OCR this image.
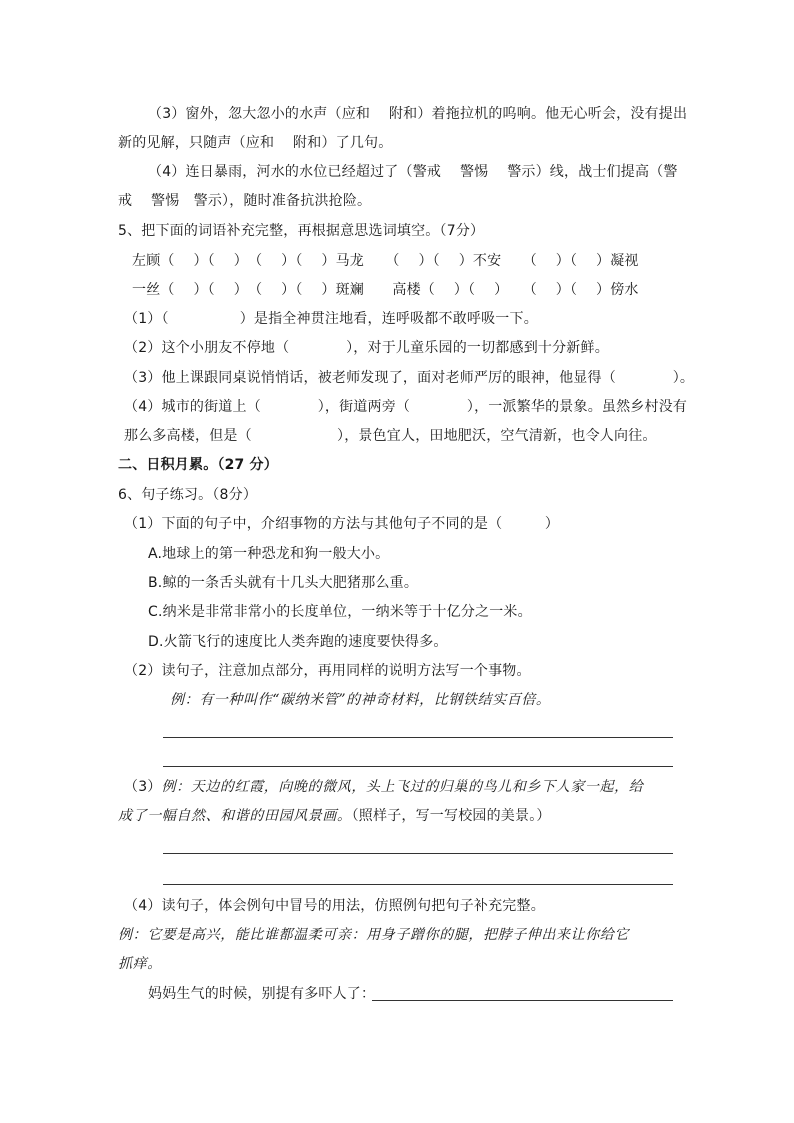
（3）窗外，忽大忽小的水声（应和　 附和）着拖拉机的呜响。他无心听会，没有提出
新的见解，只随声（应和　 附和）了几句。
（4）连日暴雨，河水的水位已经超过了（警戒　 警惕　 警示）线，战士们提高（警
戒　 警惕　警示），随时准备抗洪抢险。
5、把下面的词语补充完整，再根据意思选词填空。（7分）
左顾（　 ）（　 ）　（　 ）（　 ）马龙　　（　 ）（　 ）不安　　（　 ）（　 ）凝视
一丝（　 ）（　 ）　（　 ）（　 ）斑斓　　高楼（　 ）（　 ）　　（　 ）（　 ）傍水
（1）（　　　　　）是指全神贯注地看，连呼吸都不敢呼吸一下。
（2）这个小朋友不停地（　　　　），对于儿童乐园的一切都感到十分新鲜。
（3）他上课跟同桌说悄悄话，被老师发现了，面对老师严厉的眼神，他显得（　　　　）。
（4）城市的街道上（　　　　），街道两旁（　　　　），一派繁华的景象。虽然乡村没有
那么多高楼，但是（　　　　　　），景色宜人，田地肥沃，空气清新，也令人向往。
二、日积月累。（27 分）
6、句子练习。（8分）
（1）下面的句子中，介绍事物的方法与其他句子不同的是（　　　）
A.地球上的第一种恐龙和狗一般大小。
B.鲸的一条舌头就有十几头大肥猪那么重。
C.纳米是非常非常小的长度单位，一纳米等于十亿分之一米。
D.火箭飞行的速度比人类奔跑的速度要快得多。
（2）读句子，注意加点部分，再用同样的说明方法写一个事物。
例：有一种叫作“碳纳米管”的神奇材料，比钢铁结实百倍。
（3）例：天边的红霞，向晚的微风，头上飞过的归巢的鸟儿和乡下人家一起，给
成了一幅自然、和谐的田园风景画。（照样子，写一写校园的美景。）
（4）读句子，体会例句中冒号的用法，仿照例句把句子补充完整。
例：它要是高兴，能比谁都温柔可亲：用身子蹭你的腿，把脖子伸出来让你给它
抓痒。
妈妈生气的时候，别提有多吓人了：
